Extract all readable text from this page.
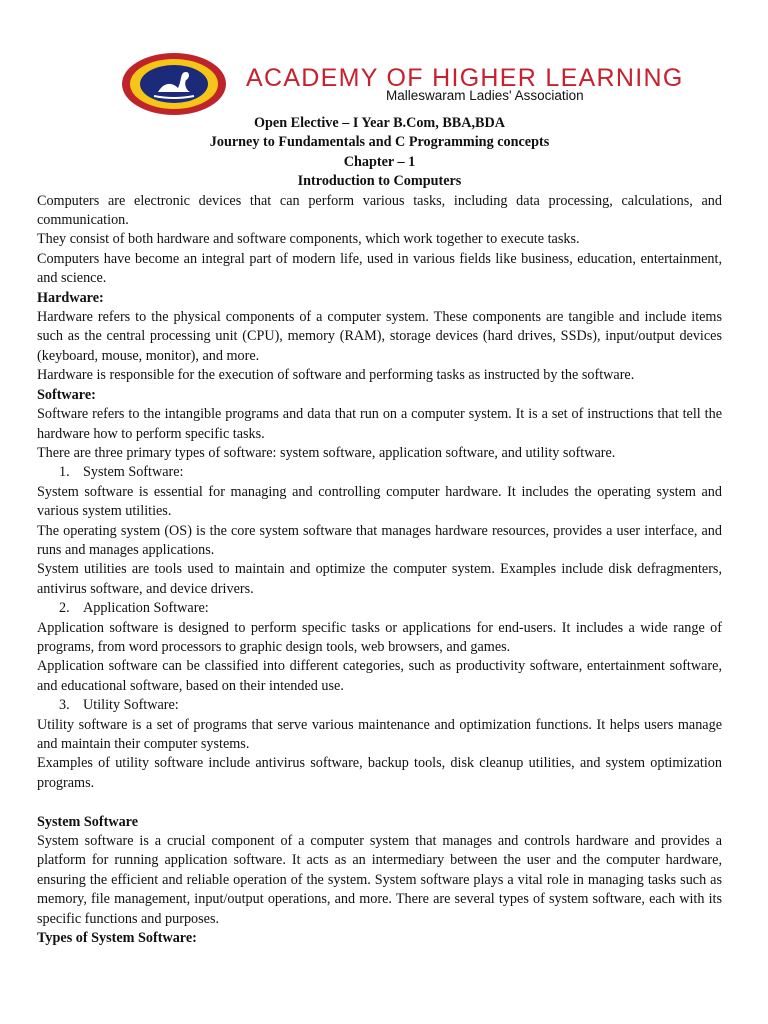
ACADEMY OF HIGHER LEARNING
Malleswaram Ladies' Association

Open Elective – I Year B.Com, BBA,BDA

Journey to Fundamentals and C Programming concepts

Chapter – 1

Introduction to Computers

Computers are electronic devices that can perform various tasks, including data processing, calculations, and communication.

They consist of both hardware and software components, which work together to execute tasks.

Computers have become an integral part of modern life, used in various fields like business, education, entertainment, and science.

Hardware:

Hardware refers to the physical components of a computer system. These components are tangible and include items such as the central processing unit (CPU), memory (RAM), storage devices (hard drives, SSDs), input/output devices (keyboard, mouse, monitor), and more.

Hardware is responsible for the execution of software and performing tasks as instructed by the software.

Software:

Software refers to the intangible programs and data that run on a computer system. It is a set of instructions that tell the hardware how to perform specific tasks.

There are three primary types of software: system software, application software, and utility software.

1. System Software:

System software is essential for managing and controlling computer hardware. It includes the operating system and various system utilities.

The operating system (OS) is the core system software that manages hardware resources, provides a user interface, and runs and manages applications.

System utilities are tools used to maintain and optimize the computer system. Examples include disk defragmenters, antivirus software, and device drivers.

2. Application Software:

Application software is designed to perform specific tasks or applications for end-users. It includes a wide range of programs, from word processors to graphic design tools, web browsers, and games.

Application software can be classified into different categories, such as productivity software, entertainment software, and educational software, based on their intended use.

3. Utility Software:

Utility software is a set of programs that serve various maintenance and optimization functions. It helps users manage and maintain their computer systems.

Examples of utility software include antivirus software, backup tools, disk cleanup utilities, and system optimization programs.

System Software

System software is a crucial component of a computer system that manages and controls hardware and provides a platform for running application software. It acts as an intermediary between the user and the computer hardware, ensuring the efficient and reliable operation of the system. System software plays a vital role in managing tasks such as memory, file management, input/output operations, and more. There are several types of system software, each with its specific functions and purposes.

Types of System Software:
